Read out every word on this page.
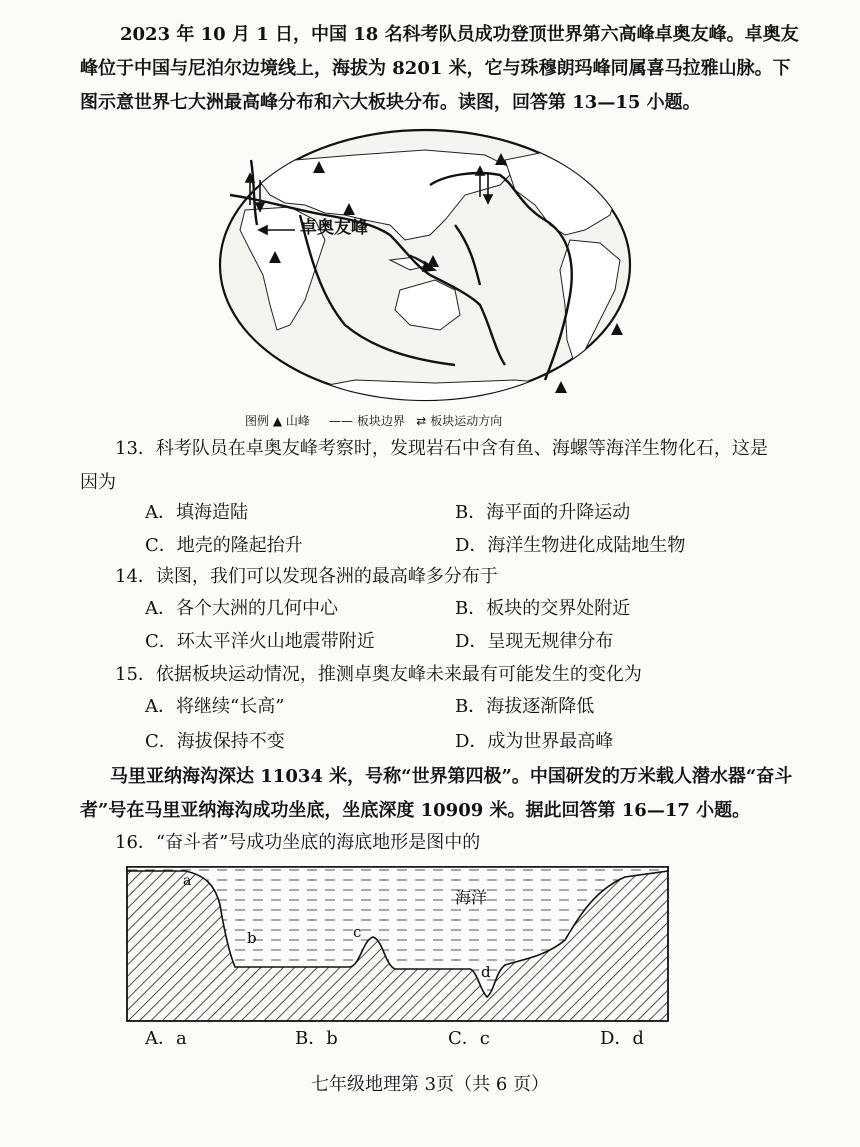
2023 年 10 月 1 日，中国 18 名科考队员成功登顶世界第六高峰卓奥友峰。卓奥友峰位于中国与尼泊尔边境线上，海拔为 8201 米，它与珠穆朗玛峰同属喜马拉雅山脉。下图示意世界七大洲最高峰分布和六大板块分布。读图，回答第 13—15 小题。
卓奥友峰
图例 ▲ 山峰 —— 板块边界 ⇄ 板块运动方向
13．科考队员在卓奥友峰考察时，发现岩石中含有鱼、海螺等海洋生物化石，这是
因为
A．填海造陆	B．海平面的升降运动
C．地壳的隆起抬升	D．海洋生物进化成陆地生物
14．读图，我们可以发现各洲的最高峰多分布于
A．各个大洲的几何中心	B．板块的交界处附近
C．环太平洋火山地震带附近	D．呈现无规律分布
15．依据板块运动情况，推测卓奥友峰未来最有可能发生的变化为
A．将继续“长高”	B．海拔逐渐降低
C．海拔保持不变	D．成为世界最高峰
马里亚纳海沟深达 11034 米，号称“世界第四极”。中国研发的万米载人潜水器“奋斗者”号在马里亚纳海沟成功坐底，坐底深度 10909 米。据此回答第 16—17 小题。
16．“奋斗者”号成功坐底的海底地形是图中的
海洋
a
b	c
d
A．a	B．b	C．c	D．d
七年级地理第 3页（共 6 页）
